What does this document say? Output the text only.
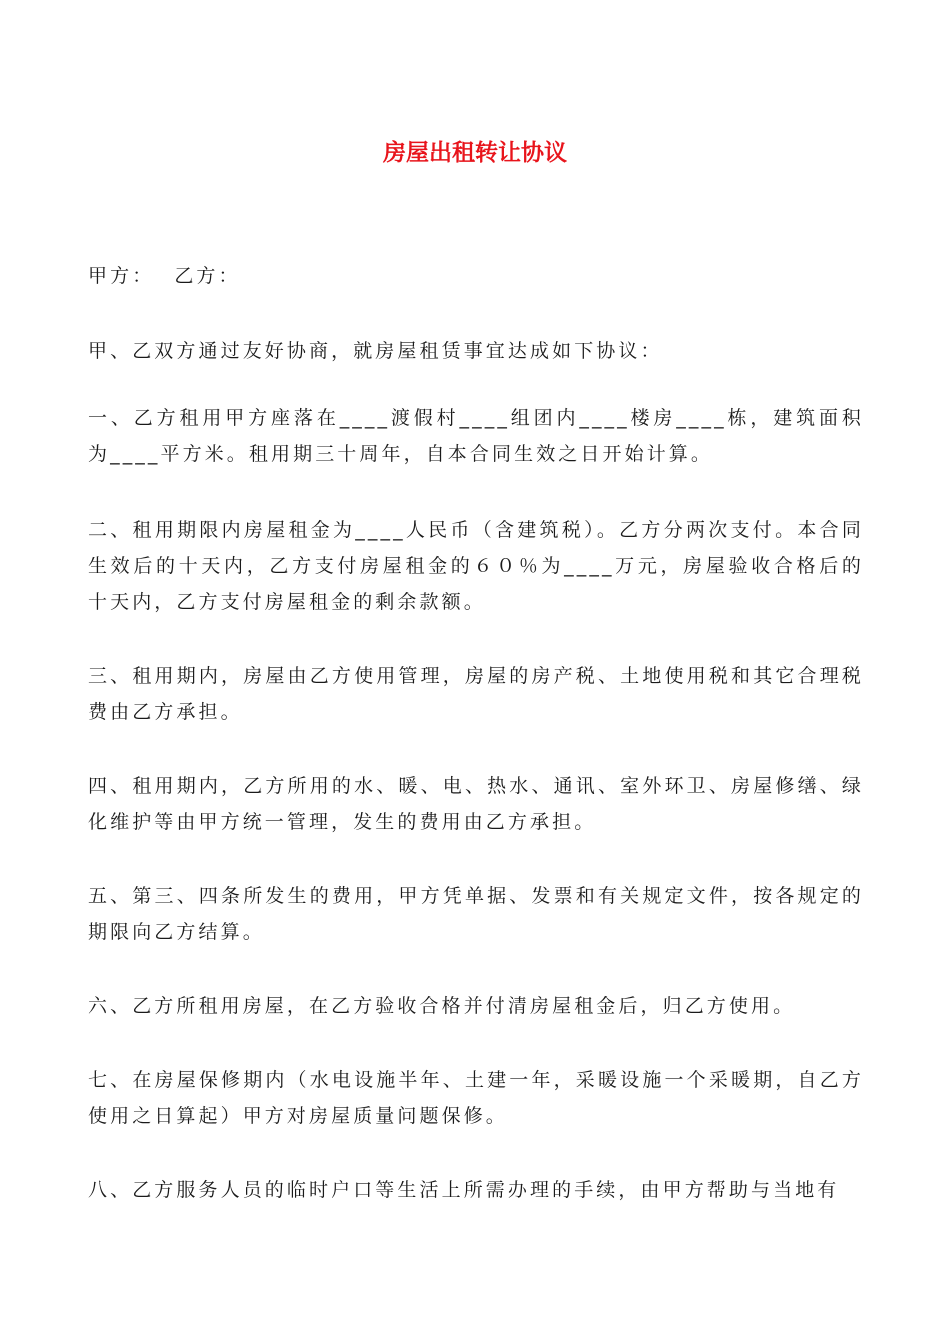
房屋出租转让协议
甲方： 乙方：
甲、乙双方通过友好协商，就房屋租赁事宜达成如下协议：
一、乙方租用甲方座落在____渡假村____组团内____楼房____栋，建筑面积为____平方米。租用期三十周年，自本合同生效之日开始计算。
二、租用期限内房屋租金为____人民币（含建筑税）。乙方分两次支付。本合同生效后的十天内，乙方支付房屋租金的６０％为____万元，房屋验收合格后的十天内，乙方支付房屋租金的剩余款额。
三、租用期内，房屋由乙方使用管理，房屋的房产税、土地使用税和其它合理税费由乙方承担。
四、租用期内，乙方所用的水、暖、电、热水、通讯、室外环卫、房屋修缮、绿化维护等由甲方统一管理，发生的费用由乙方承担。
五、第三、四条所发生的费用，甲方凭单据、发票和有关规定文件，按各规定的期限向乙方结算。
六、乙方所租用房屋，在乙方验收合格并付清房屋租金后，归乙方使用。
七、在房屋保修期内（水电设施半年、土建一年，采暖设施一个采暖期，自乙方使用之日算起）甲方对房屋质量问题保修。
八、乙方服务人员的临时户口等生活上所需办理的手续，由甲方帮助与当地有
